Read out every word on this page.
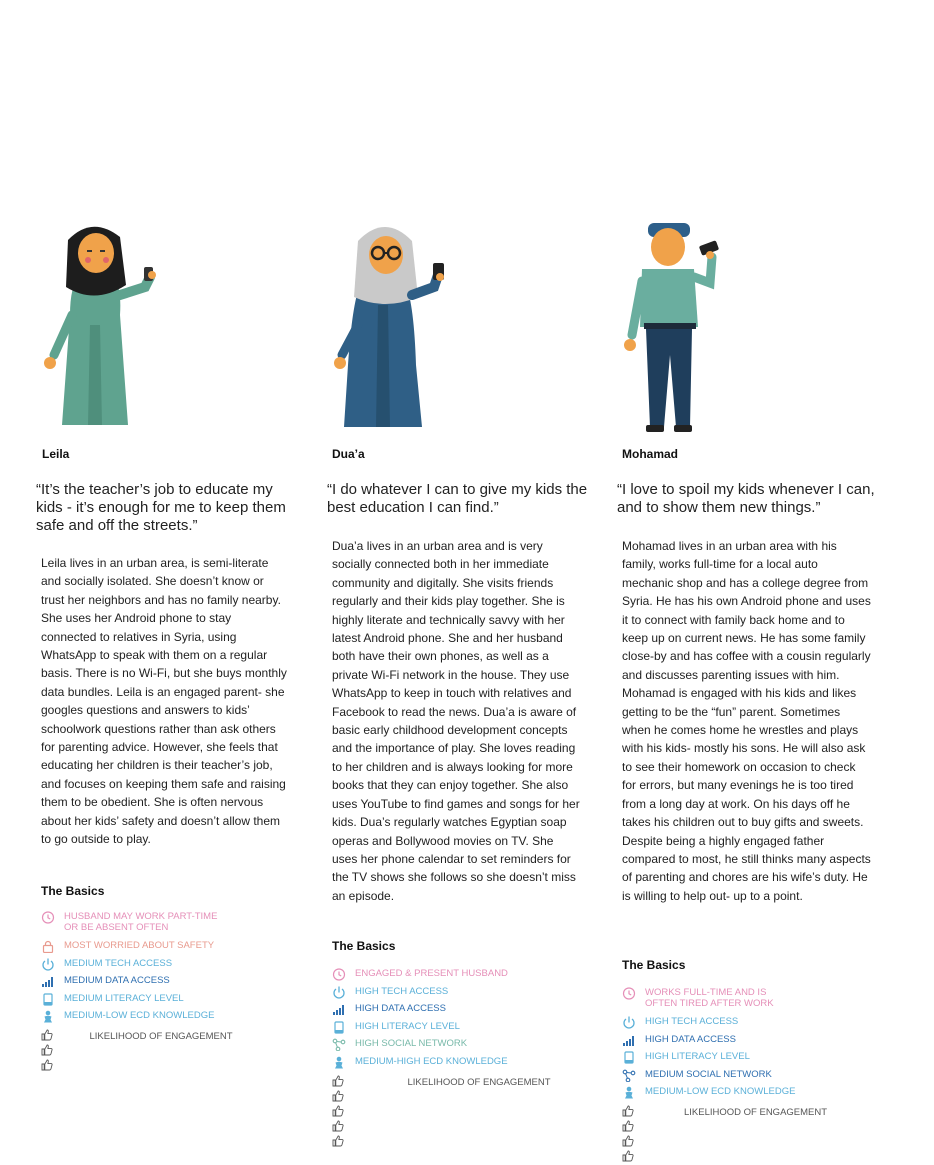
Leila
“It’s the teacher’s job to educate my kids - it’s enough for me to keep them safe and off the streets.”
Leila lives in an urban area, is semi-literate and socially isolated. She doesn’t know or trust her neighbors and has no family nearby. She uses her Android phone to stay connected to relatives in Syria, using WhatsApp to speak with them on a regular basis. There is no Wi-Fi, but she buys monthly data bundles. Leila is an engaged parent- she googles questions and answers to kids’ schoolwork questions rather than ask others for parenting advice. However, she feels that educating her children is their teacher’s job, and focuses on keeping them safe and raising them to be obedient. She is often nervous about her kids’ safety and doesn’t allow them to go outside to play.
The Basics
HUSBAND MAY WORK PART-TIME
OR BE ABSENT OFTEN
MOST WORRIED ABOUT SAFETY
MEDIUM TECH ACCESS
MEDIUM DATA ACCESS
MEDIUM LITERACY LEVEL
MEDIUM-LOW ECD KNOWLEDGE
LIKELIHOOD OF ENGAGEMENT
Dua’a
“I do whatever I can to give my kids the best education I can find.”
Dua’a lives in an urban area and is very socially connected both in her immediate community and digitally. She visits friends regularly and their kids play together. She is highly literate and technically savvy with her latest Android phone. She and her husband both have their own phones, as well as a private Wi-Fi network in the house. They use WhatsApp to keep in touch with relatives and Facebook to read the news. Dua’a is aware of basic early childhood development concepts and the importance of play. She loves reading to her children and is always looking for more books that they can enjoy together. She also uses YouTube to find games and songs for her kids. Dua’s regularly watches Egyptian soap operas and Bollywood movies on TV. She uses her phone calendar to set reminders for the TV shows she follows so she doesn’t miss an episode.
The Basics
ENGAGED & PRESENT HUSBAND
HIGH TECH ACCESS
HIGH DATA ACCESS
HIGH LITERACY LEVEL
HIGH SOCIAL NETWORK
MEDIUM-HIGH ECD KNOWLEDGE
LIKELIHOOD OF ENGAGEMENT
Mohamad
“I love to spoil my kids whenever I can, and to show them new things.”
Mohamad lives in an urban area with his family, works full-time for a local auto mechanic shop and has a college degree from Syria. He has his own Android phone and uses it to connect with family back home and to keep up on current news. He has some family close-by and has coffee with a cousin regularly and discusses parenting issues with him. Mohamad is engaged with his kids and likes getting to be the “fun” parent. Sometimes when he comes home he wrestles and plays with his kids- mostly his sons. He will also ask to see their homework on occasion to check for errors, but many evenings he is too tired from a long day at work. On his days off he takes his children out to buy gifts and sweets. Despite being a highly engaged father compared to most, he still thinks many aspects of parenting and chores are his wife’s duty. He is willing to help out- up to a point.
The Basics
WORKS FULL-TIME AND IS
OFTEN TIRED AFTER WORK
HIGH TECH ACCESS
HIGH DATA ACCESS
HIGH LITERACY LEVEL
MEDIUM SOCIAL NETWORK
MEDIUM-LOW ECD KNOWLEDGE
LIKELIHOOD OF ENGAGEMENT
